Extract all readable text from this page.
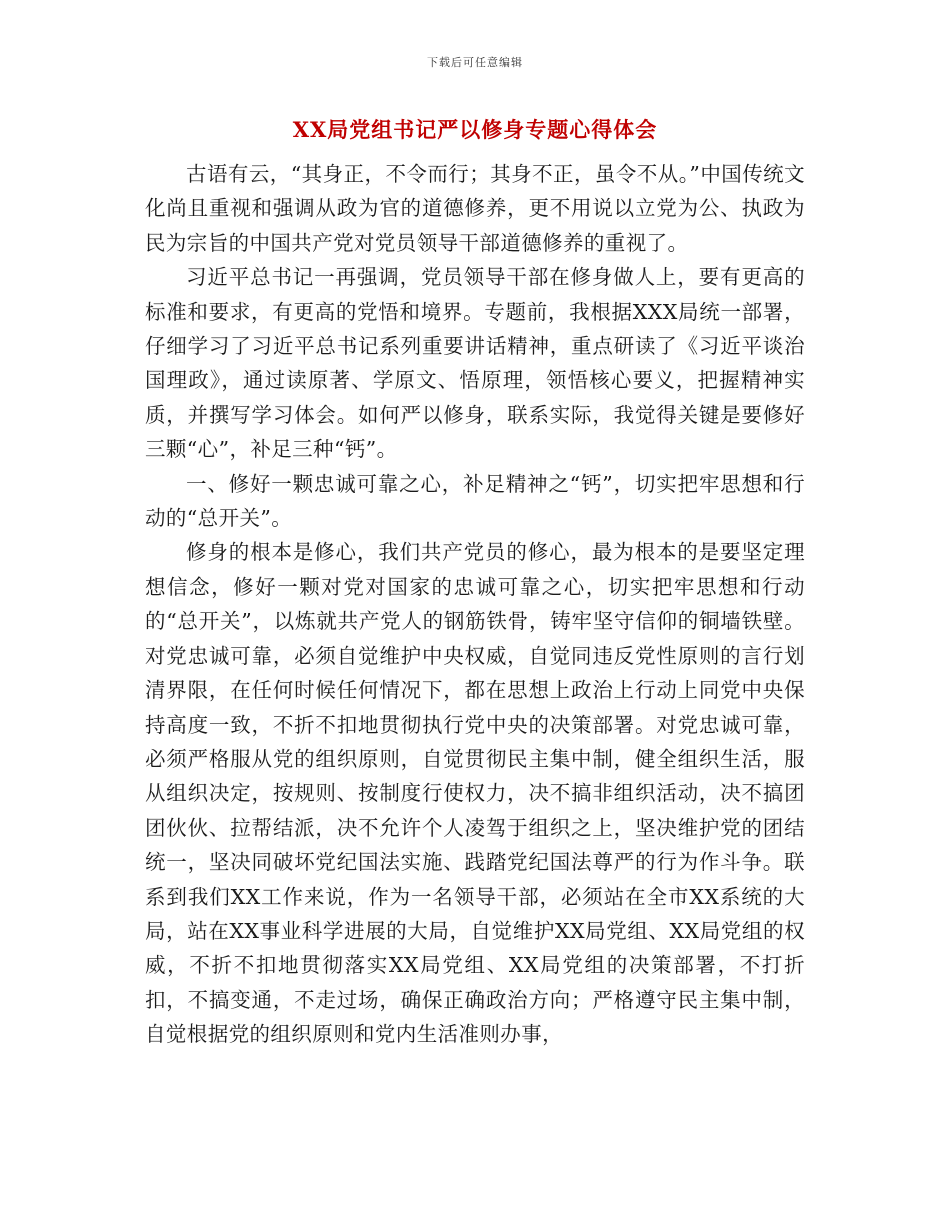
下载后可任意编辑
XX局党组书记严以修身专题心得体会

古语有云，“其身正，不令而行；其身不正，虽令不从。”中国传统文化尚且重视和强调从政为官的道德修养，更不用说以立党为公、执政为民为宗旨的中国共产党对党员领导干部道德修养的重视了。

习近平总书记一再强调，党员领导干部在修身做人上，要有更高的标准和要求，有更高的党悟和境界。专题前，我根据XXX局统一部署，仔细学习了习近平总书记系列重要讲话精神，重点研读了《习近平谈治国理政》，通过读原著、学原文、悟原理，领悟核心要义，把握精神实质，并撰写学习体会。如何严以修身，联系实际，我觉得关键是要修好三颗“心”，补足三种“钙”。

一、修好一颗忠诚可靠之心，补足精神之“钙”，切实把牢思想和行动的“总开关”。

修身的根本是修心，我们共产党员的修心，最为根本的是要坚定理想信念，修好一颗对党对国家的忠诚可靠之心，切实把牢思想和行动的“总开关”，以炼就共产党人的钢筋铁骨，铸牢坚守信仰的铜墙铁壁。对党忠诚可靠，必须自觉维护中央权威，自觉同违反党性原则的言行划清界限，在任何时候任何情况下，都在思想上政治上行动上同党中央保持高度一致，不折不扣地贯彻执行党中央的决策部署。对党忠诚可靠，必须严格服从党的组织原则，自觉贯彻民主集中制，健全组织生活，服从组织决定，按规则、按制度行使权力，决不搞非组织活动，决不搞团团伙伙、拉帮结派，决不允许个人凌驾于组织之上，坚决维护党的团结统一，坚决同破坏党纪国法实施、践踏党纪国法尊严的行为作斗争。联系到我们XX工作来说，作为一名领导干部，必须站在全市XX系统的大局，站在XX事业科学进展的大局，自觉维护XX局党组、XX局党组的权威，不折不扣地贯彻落实XX局党组、XX局党组的决策部署，不打折扣，不搞变通，不走过场，确保正确政治方向；严格遵守民主集中制，自觉根据党的组织原则和党内生活准则办事，
